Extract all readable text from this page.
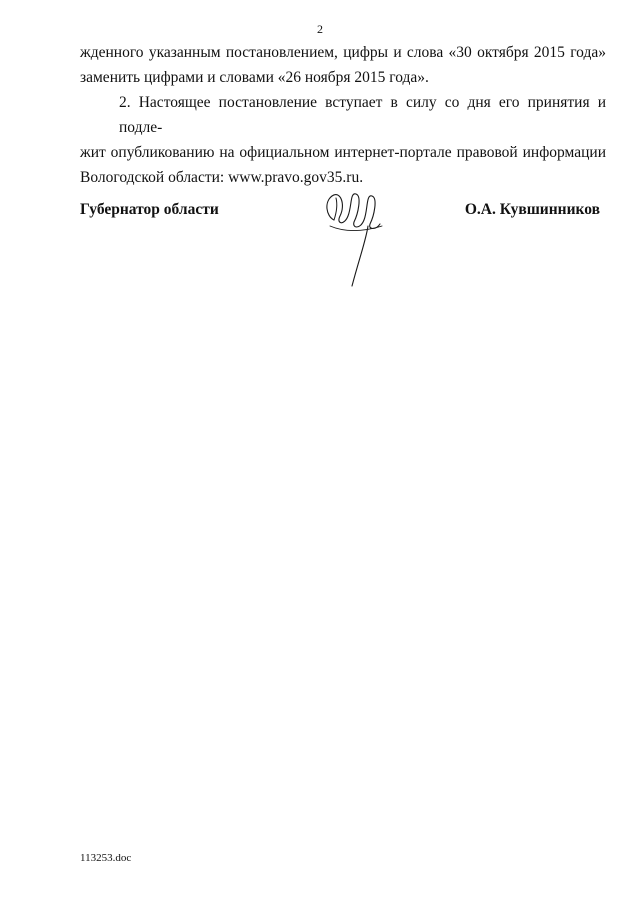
2
жденного указанным постановлением, цифры и слова «30 октября 2015 года»
заменить цифрами и словами «26 ноября 2015 года».
2. Настоящее постановление вступает в силу со дня его принятия и подле-
жит опубликованию на официальном интернет-портале правовой информации
Вологодской области: www.pravo.gov35.ru.
Губернатор области	О.А. Кувшинников
113253.doc
